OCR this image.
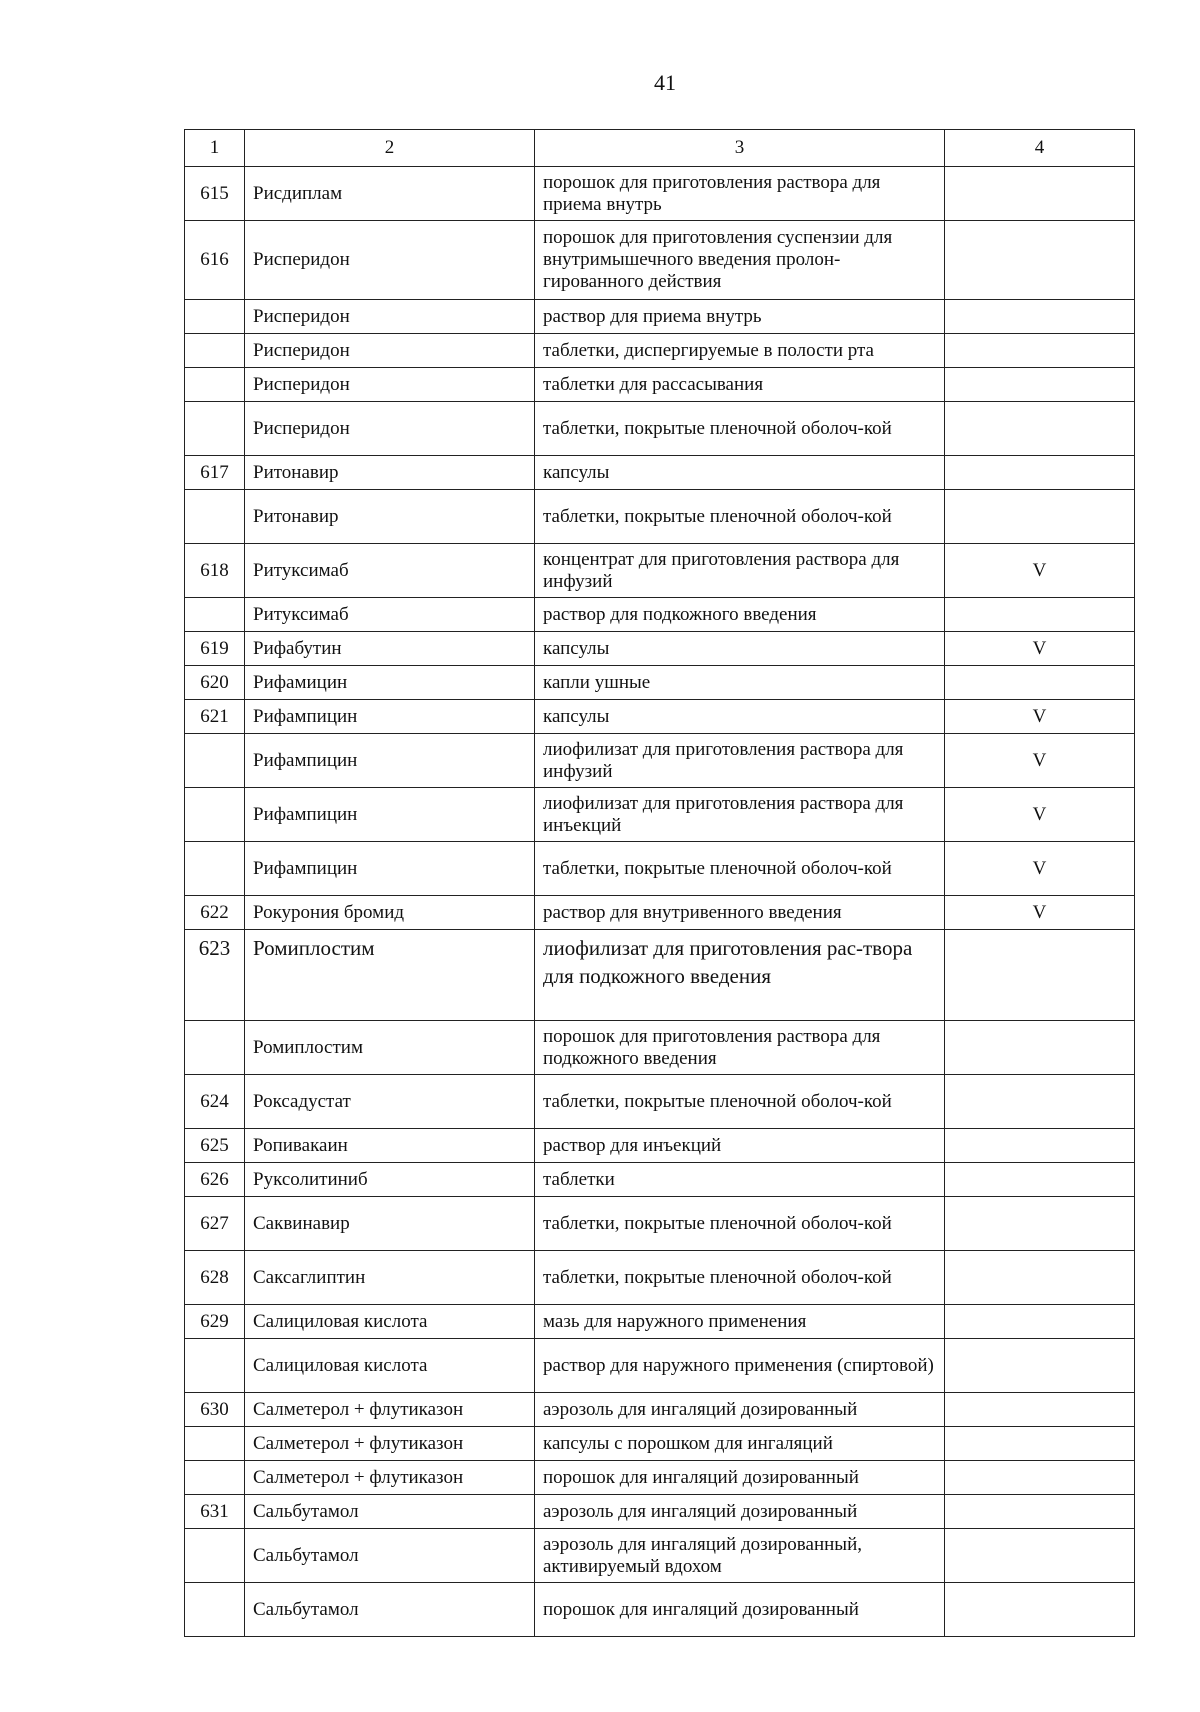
41
1	2	3	4
615	Рисдиплам	порошок для приготовления раствора для приема внутрь	
616	Рисперидон	порошок для приготовления суспензии для внутримышечного введения пролон-гированного действия	
	Рисперидон	раствор для приема внутрь	
	Рисперидон	таблетки, диспергируемые в полости рта	
	Рисперидон	таблетки для рассасывания	
	Рисперидон	таблетки, покрытые пленочной оболоч-кой	
617	Ритонавир	капсулы	
	Ритонавир	таблетки, покрытые пленочной оболоч-кой	
618	Ритуксимаб	концентрат для приготовления раствора для инфузий	V
	Ритуксимаб	раствор для подкожного введения	
619	Рифабутин	капсулы	V
620	Рифамицин	капли ушные	
621	Рифампицин	капсулы	V
	Рифампицин	лиофилизат для приготовления раствора для инфузий	V
	Рифампицин	лиофилизат для приготовления раствора для инъекций	V
	Рифампицин	таблетки, покрытые пленочной оболоч-кой	V
622	Рокурония бромид	раствор для внутривенного введения	V
623	Ромиплостим	лиофилизат для приготовления рас-твора для подкожного введения	
	Ромиплостим	порошок для приготовления раствора для подкожного введения	
624	Роксадустат	таблетки, покрытые пленочной оболоч-кой	
625	Ропивакаин	раствор для инъекций	
626	Руксолитиниб	таблетки	
627	Саквинавир	таблетки, покрытые пленочной оболоч-кой	
628	Саксаглиптин	таблетки, покрытые пленочной оболоч-кой	
629	Салициловая кислота	мазь для наружного применения	
	Салициловая кислота	раствор для наружного применения (спиртовой)	
630	Салметерол + флутиказон	аэрозоль для ингаляций дозированный	
	Салметерол + флутиказон	капсулы с порошком для ингаляций	
	Салметерол + флутиказон	порошок для ингаляций дозированный	
631	Сальбутамол	аэрозоль для ингаляций дозированный	
	Сальбутамол	аэрозоль для ингаляций дозированный, активируемый вдохом	
	Сальбутамол	порошок для ингаляций дозированный	
